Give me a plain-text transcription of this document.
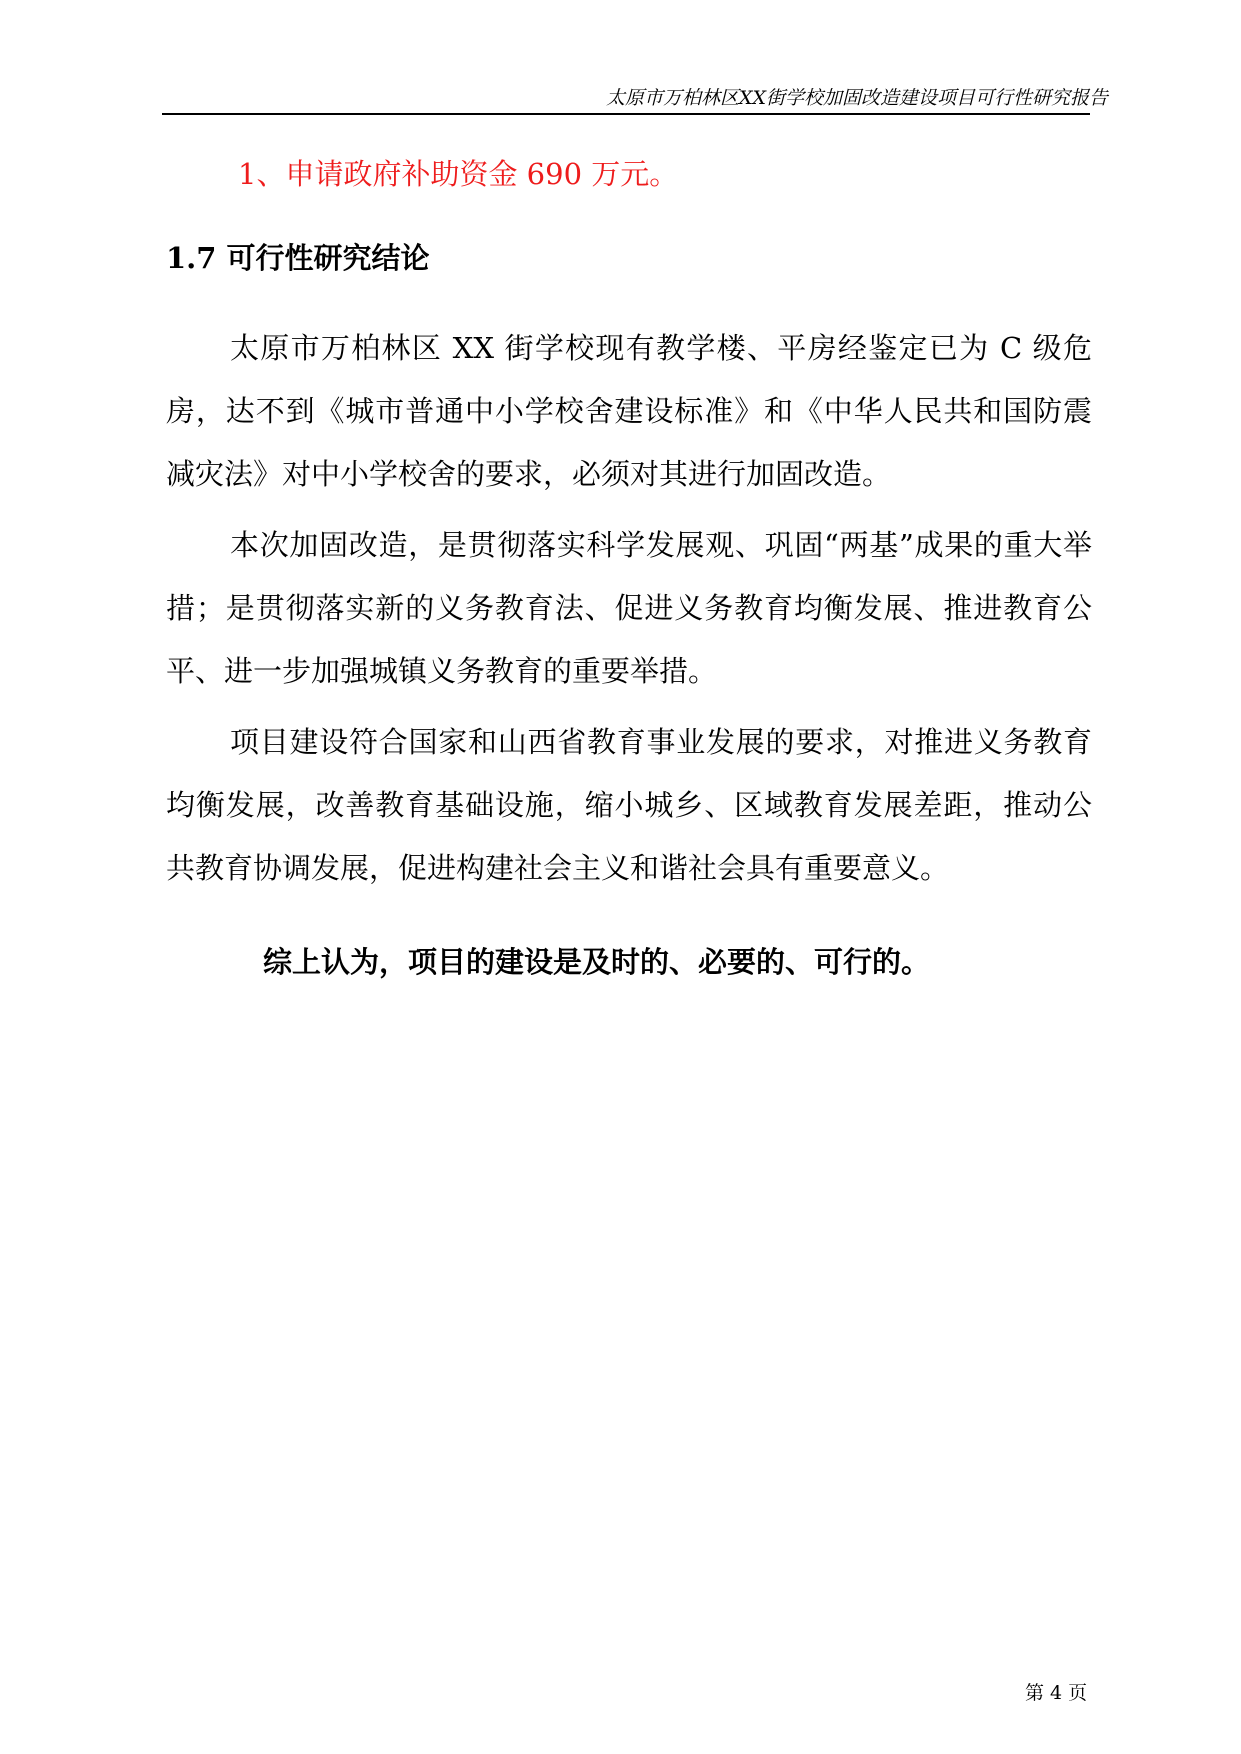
太原市万柏林区XX街学校加固改造建设项目可行性研究报告
1、申请政府补助资金 690 万元。
1.7 可行性研究结论
太原市万柏林区 XX 街学校现有教学楼、平房经鉴定已为 C 级危房，达不到《城市普通中小学校舍建设标准》和《中华人民共和国防震减灾法》对中小学校舍的要求，必须对其进行加固改造。
本次加固改造，是贯彻落实科学发展观、巩固“两基”成果的重大举措；是贯彻落实新的义务教育法、促进义务教育均衡发展、推进教育公平、进一步加强城镇义务教育的重要举措。
项目建设符合国家和山西省教育事业发展的要求，对推进义务教育均衡发展，改善教育基础设施，缩小城乡、区域教育发展差距，推动公共教育协调发展，促进构建社会主义和谐社会具有重要意义。
综上认为，项目的建设是及时的、必要的、可行的。
第 4 页
